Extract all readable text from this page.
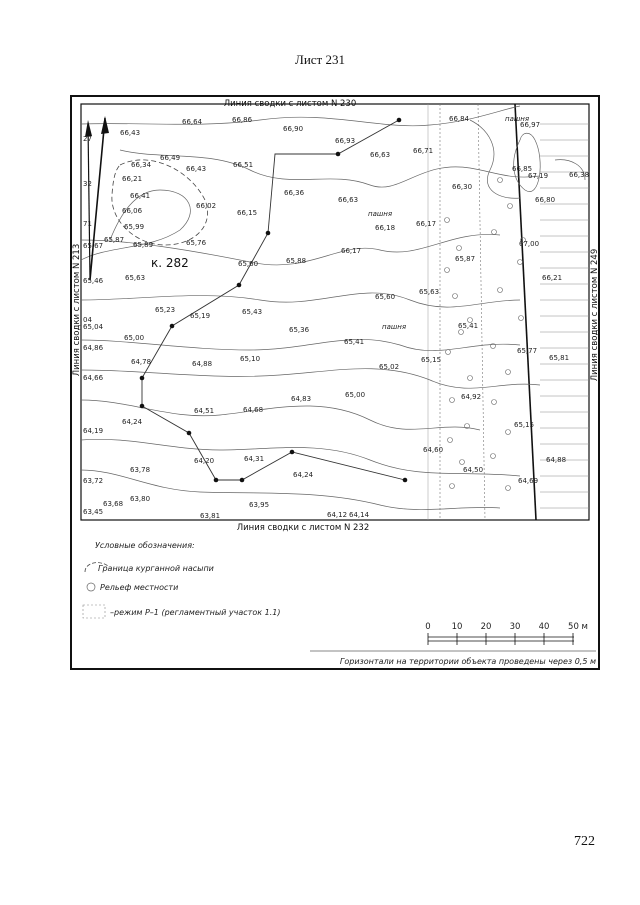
Лист 231
Линия сводки с листом N 230
Линия сводки с листом N 232
Линия сводки с листом N 213	Линия сводки с листом N 249
к. 282
пашня
пашня
пашня
27
32
71
04
66,43
66,64	66,86
66,90
66,93
66,84
66,97
66,34
66,49
66,21
66,43	66,51
66,63	66,71
66,85
67,19	66,38
66,41
66,30
66,80
66,36
66,63
66,06
66,02
66,15
66,18	66,17
65,99
65,87
65,89	65,76	67,00
65,67
65,60	65,88
66,17
65,87
65,46	65,63	66,21
65,60
65,63
65,23
65,19	65,43
65,04	65,36
65,41
65,41
64,86
65,00
65,77
64,78	64,88
65,10
65,02
65,15	65,81
64,66
65,00
64,83	64,92
64,51	64,68
64,19
64,24	65,15
64,20	64,31
64,60
64,88
64,50
64,24
63,72
63,78
64,69
63,68
63,80
63,45	63,81
63,95
64,12 64,14
Условные обозначения:
Граница курганной насыпи
Рельеф местности
–режим Р–1 (регламентный участок 1.1)
0 10 20 30 40 50 м
Горизонтали на территории объекта проведены через 0,5 м
722
